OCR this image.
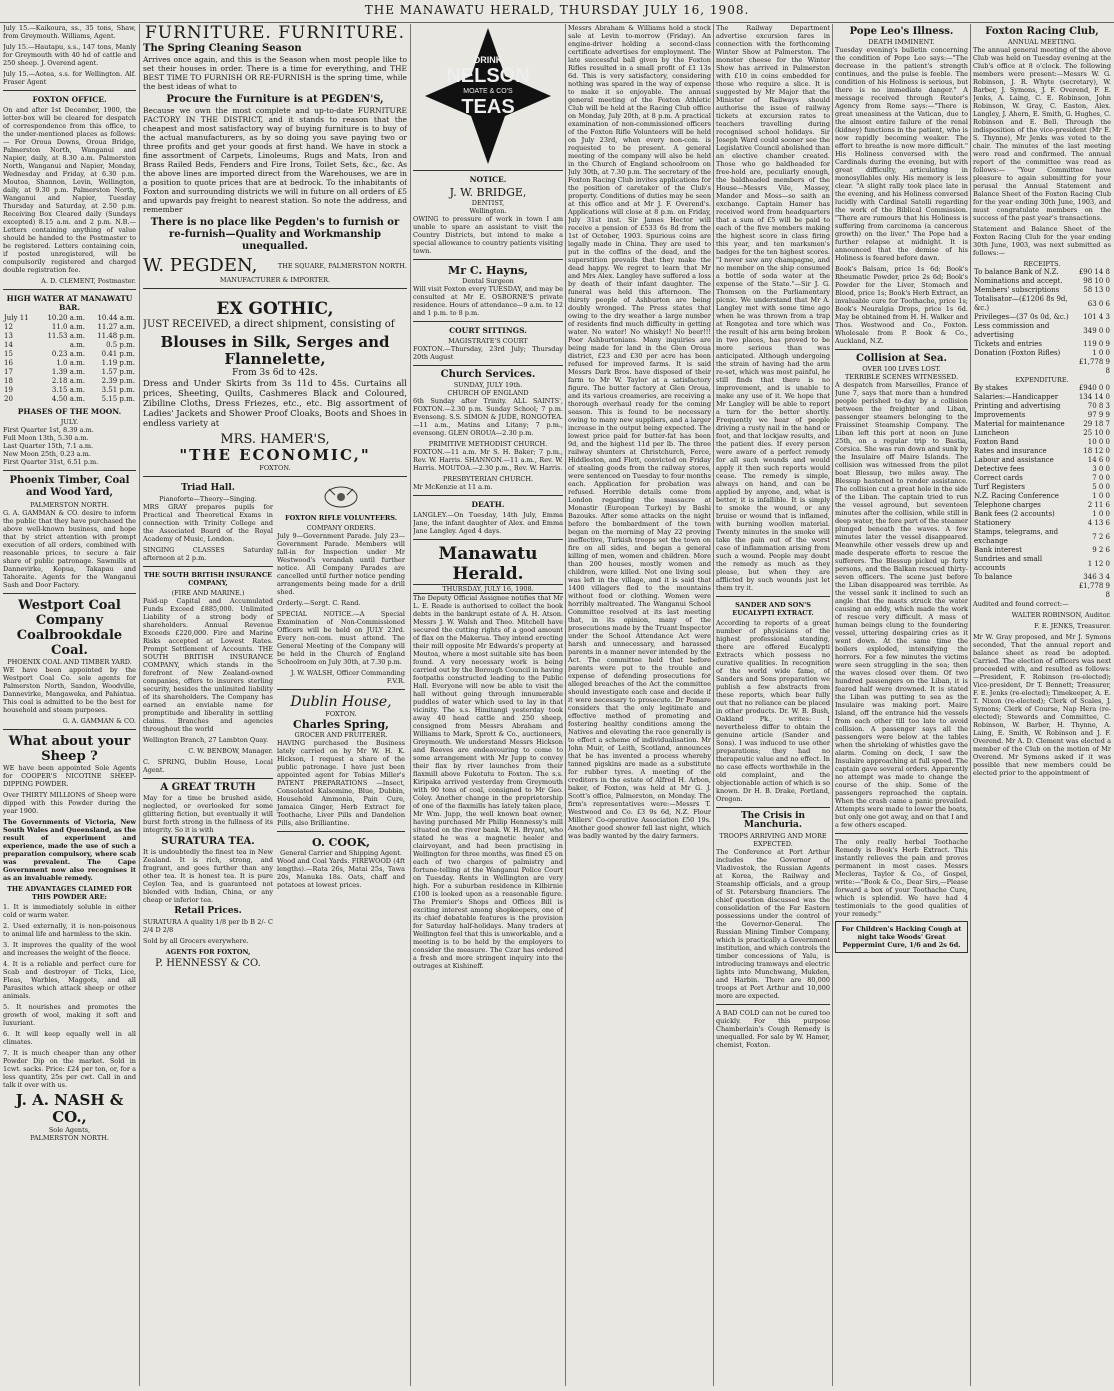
THE MANAWATU HERALD, THURSDAY JULY 16, 1908.

July 15.—Kaikoura, ss., 35 tons, Shaw, from Greymouth. Williams, Agent.

July 15.—Hautapu, s.s., 147 tons, Manly for Greymouth with 40 hd of cattle and 250 sheep. J. Overend agent.

July 15.—Aotea, s.s. for Wellington. Alf. Fraser Agent

FOXTON OFFICE.

On and after 1st December, 1900, the letter-box will be cleared for despatch of correspondence from this office, to the under-mentioned places as follows:— For Oroua Downs, Oroua Bridge, Palmerston North, Wanganui and Napier, daily, at 8.30 a.m. Palmerston North, Wanganui and Napier, Monday, Wednesday and Friday, at 6.30 p.m. Moutoa, Shannon, Levin, Wellington, daily, at 9.30 p.m. Palmerston North, Wanganui and Napier, Tuesday Thursday and Saturday, at 2.50 p.m. Receiving Box Cleared daily (Sundays excepted) 8.15 a.m. and 2 p.m. N.B.—Letters containing anything of value should be handed to the Postmaster to be registered. Letters containing coin, if posted unregistered, will be compulsorily registered and charged double registration fee.

A. D. CLEMENT, Postmaster.

HIGH WATER AT MANAWATU BAR.
July 11	10.20 a.m.	10.44 a.m.
12	11.0 a.m.	11.27 a.m.
13	11.53 a.m.	11.48 p.m.
14	a.m.	0.5 p.m.
15	0.23 a.m.	0.41 p.m.
16	1.0 a.m.	1.19 p.m.
17	1.39 a.m.	1.57 p.m.
18	2.18 a.m.	2.39 p.m.
19	3.15 a.m.	3.51 p.m.
20	4.50 a.m.	5.15 p.m.
PHASES OF THE MOON.
JULY.
First Quarter 1st, 8.39 a.m.
Full Moon 13th, 5.30 a.m.
Last Quarter 15th, 7.1 a.m.
New Moon 25th, 0.23 a.m.
First Quarter 31st, 6.51 p.m.
Phoenix Timber, Coal and Wood Yard,
PALMERSTON NORTH.

G. A. GAMMAN & CO. desire to inform the public that they have purchased the above well-known business, and hope that by strict attention with prompt execution of all orders, combined with reasonable prices, to secure a fair share of public patronage. Sawmills at Dannevirke, Kopua, Takapau and Tahoraite. Agents for the Wanganui Sash and Door Factory.

Westport Coal Company
Coalbrookdale Coal.
PHOENIX COAL AND TIMBER YARD.

WE have been appointed by the Westport Coal Co. sole agents for Palmerston North, Sandon, Woodville, Dannevirke, Mangaweka, and Pahiatua. This coal is admitted to be the best for household and steam purposes.

G. A. GAMMAN & CO.

What about your Sheep ?

WE have been appointed Sole Agents for COOPER'S NICOTINE SHEEP-DIPPING POWDER.

Over THIRTY MILLIONS of Sheep were dipped with this Powder during the year 1900.

The Governments of Victoria, New South Wales and Queensland, as the result of experiment and experience, made the use of such a preparation compulsory, where scab was prevalent. The Cape Government now also recognises it as an invaluable remedy.

THE ADVANTAGES CLAIMED FOR THIS POWDER ARE:

1. It is immediately soluble in either cold or warm water.

2. Used externally, it is non-poisonous to animal life and harmless to the skin.

3. It improves the quality of the wool and increases the weight of the fleece.

4. It is a reliable and perfect cure for Scab and destroyer of Ticks, Lice, Fleas, Warbles, Maggots, and all Parasites which attack sheep or other animals.

5. It nourishes and promotes the growth of wool, making it soft and luxuriant.

6. It will keep equally well in all climates.

7. It is much cheaper than any other Powder Dip on the market. Sold in 1cwt. sacks. Price: £24 per ton, or, for a less quantity, 25s per cwt. Call in and talk it over with us.

J. A. NASH & CO.,
Sole Agents,
PALMERSTON NORTH.
FURNITURE. FURNITURE.
The Spring Cleaning Season

Arrives once again, and this is the Season when most people like to set their houses in order. There is a time for everything, and THE BEST TIME TO FURNISH OR RE-FURNISH is the spring time, while the best ideas of what to

Procure the Furniture is at PEGDEN'S,

Because we own the most complete and up-to-date FURNITURE FACTORY IN THE DISTRICT, and it stands to reason that the cheapest and most satisfactory way of buying furniture is to buy of the actual manufacturers, as by so doing you save paying two or three profits and get your goods at first hand. We have in stock a fine assortment of Carpets, Linoleums, Rugs and Mats, Iron and Brass Railed Beds, Fenders and Fire Irons, Toilet Sets, &c., &c. As the above lines are imported direct from the Warehouses, we are in a position to quote prices that are at bedrock. To the inhabitants of Foxton and surrounding districts we will in future on all orders of £5 and upwards pay freight to nearest station. So note the address, and remember

There is no place like Pegden's to furnish or re-furnish—Quality and Workmanship unequalled.
W. PEGDEN,	THE SQUARE, PALMERSTON NORTH.
MANUFACTURER & IMPORTER.
EX GOTHIC,

JUST RECEIVED, a direct shipment, consisting of

Blouses in Silk, Serges and Flannelette,
From 3s 6d to 42s.

Dress and Under Skirts from 3s 11d to 45s. Curtains all prices, Sheeting, Quilts, Cashmeres Black and Coloured, Zibiline Cloths, Dress Friezes, etc., etc. Big assortment of Ladies' Jackets and Shower Proof Cloaks, Boots and Shoes in endless variety at

MRS. HAMER'S,
"THE ECONOMIC,"
FOXTON.
Triad Hall.
Pianoforte—Theory—Singing.

MRS GRAY prepares pupils for Practical and Theoretical Exams in connection with Trinity College and the Associated Board of the Royal Academy of Music, London.

SINGING CLASSES Saturday afternoon at 2 p.m.

THE SOUTH BRITISH INSURANCE COMPANY,
(FIRE AND MARINE.)

Paid-up Capital and Accumulated Funds Exceed £885,000. Unlimited Liability of a strong body of shareholders. Annual Revenue Exceeds £220,000. Fire and Marine Risks accepted at Lowest Rates. Prompt Settlement of Accounts. THE SOUTH BRITISH INSURANCE COMPANY, which stands in the forefront of New Zealand-owned companies, offers to insurers sterling security, besides the unlimited liability of its shareholders. The Company has earned an enviable name for promptitude and liberality in settling claims. Branches and agencies throughout the world

Wellington Branch, 27 Lambton Quay.

C. W. BENBOW, Manager.

C. SPRING, Dublin House, Local Agent.

A GREAT TRUTH

May for a time be brushed aside, neglected, or overlooked for some glittering fiction, but eventually it will burst forth strong in the fullness of its integrity. So it is with

SURATURA TEA.

It is undoubtedly the finest tea in New Zealand. It is rich, strong, and fragrant, and goes further than any other tea. It is honest tea. It is pure Ceylon Tea, and is guaranteed not blended with Indian, China, or any cheap or inferior tea.

Retail Prices.

SURATURA A quality 1/8 per lb B 2/- C 2/4 D 2/8

Sold by all Grocers everywhere.

AGENTS FOR FOXTON,
P. HENNESSY & CO.
FOXTON RIFLE VOLUNTEERS.
COMPANY ORDERS.

July 9—Government Parade. July 23—Government Parade. Members will fall-in for Inspection under Mr Westwood's verandah until further notice. All Company Parades are cancelled until further notice pending arrangements being made for a drill shed.

Orderly.—Sergt. C. Rand.

SPECIAL NOTICE.—A Special Examination of Non-Commissioned Officers will be held on JULY 23rd. Every non-com. must attend. The General Meeting of the Company will be held in the Church of England Schoolroom on July 30th, at 7.30 p.m.

J. W. WALSH, Officer Commanding F.V.R.

Dublin House,
FOXTON.
Charles Spring,
GROCER AND FRUITERER.

HAVING purchased the Business lately carried on by Mr W. H. K. Hickson, I request a share of the public patronage. I have just been appointed agent for Tobias Miller's PATENT PREPARATIONS —Insect, Consolated Kalsomine, Blue, Dubbin, Household Ammonia, Pain Cure, Jamaica Ginger, Herb Extract for Toothache, Liver Pills and Dandelion Pills, also Brilliantine.

O. COOK,
General Carrier and Shipping Agent.

Wood and Coal Yards. FIREWOOD (4ft lengths).—Rata 26s, Matai 25s, Tawa 20s, Manuka 18s. Oats, chaff and potatoes at lowest prices.

DRINK
NELSON
MOATE & CO'S
TEAS
NOTICE.
J. W. BRIDGE,
DENTIST,
Wellington.

OWING to pressure of work in town I am unable to spare an assistant to visit the Country Districts, but intend to make a special allowance to country patients visiting town.

Mr C. Hayns,
Dental Surgeon

Will visit Foxton every TUESDAY, and may be consulted at Mr E. OSBORNE'S private residence. Hours of attendance—9 a.m. to 12 and 1 p.m. to 8 p.m.

COURT SITTINGS.
MAGISTRATE'S COURT

FOXTON.—Thursday, 23rd July; Thursday 20th August

Church Services.
SUNDAY, JULY 19th.
CHURCH OF ENGLAND

6th Sunday after Trinity. ALL SAINTS', FOXTON.—2.30 p.m. Sunday School; 7 p.m. Evensong. S.S. SIMON & JUDE, RONGOTEA.—11 a.m., Matins and Litany; 7 p.m., evensong. GLEN OROUA—2.30 p.m.

PRIMITIVE METHODIST CHURCH.

FOXTON.—11 a.m. Mr S. H. Baker; 7 p.m., Rev. W. Harris. SHANNON.—11 a.m., Rev. W. Harris. MOUTOA.—2.30 p.m., Rev. W. Harris.

PRESBYTERIAN CHURCH.

Mr McKenzie at 11 a.m.

DEATH.

LANGLEY.—On Tuesday, 14th July, Emma Jane, the infant daughter of Alex. and Emma Jane Langley. Aged 4 days.

Manawatu Herald.
THURSDAY, JULY 16, 1908.

The Deputy Official Assignee notifies that Mr L. E. Reade is authorised to collect the book debts in the bankrupt estate of A. H. Atson. Messrs J. W. Walsh and Theo. Mitchell have secured the cutting rights of a good amount of flax on the Makerua. They intend erecting their mill opposite Mr Edwards's property at Moutoa, where a most suitable site has been found. A very necessary work is being carried out by the Borough Council in having footpaths constructed leading to the Public Hall. Everyone will now be able to visit the hall without going through innumerable puddles of water which used to lay in that vicinity. The s.s. Himitangi yesterday took away 40 head cattle and 250 sheep, consigned from Messrs Abraham and Williams to Mark, Sprott & Co., auctioneers, Greymouth. We understand Messrs Hickson and Reeves are endeavouring to come to some arrangement with Mr Jupp to convey their flax by river launches from their flaxmill above Fukotutu to Foxton. The s.s. Kiripaka arrived yesterday from Greymouth with 90 tons of coal, consigned to Mr Geo. Coley. Another change in the proprietorship of one of the flaxmills has lately taken place, Mr Wm. Jupp, the well known boat owner, having purchased Mr Philip Hennessy's mill situated on the river bank. W. H. Bryant, who stated he was a magnetic healer and clairvoyant, and had been practising in Wellington for three months, was fined £5 on each of two charges of palmistry and fortune-telling at the Wanganui Police Court on Tuesday. Rents in Wellington are very high. For a suburban residence in Kilbirnie £100 is looked upon as a reasonable figure. The Premier's Shops and Offices Bill is exciting interest among shopkeepers, one of its chief debatable features is the provision for Saturday half-holidays. Many traders at Wellington feel that this is unworkable, and a meeting is to be held by the employers to consider the measure. The Czar has ordered a fresh and more stringent inquiry into the outrages at Kishineff.

Messrs Abraham & Williams hold a stock sale at Levin to-morrow (Friday). An engine-driver holding a second-class certificate advertises for employment. The late successful ball given by the Foxton Rifles resulted in a small profit of £1 13s 6d. This is very satisfactory, considering nothing was spared in the way of expense to make it so enjoyable. The annual general meeting of the Foxton Athletic Club will be held at the Racing Club office on Monday, July 20th, at 8 p.m. A practical examination of non-commissioned officers of the Foxton Rifle Volunteers will be held on July 23rd, when every non-com. is requested to be present. A general meeting of the company will also be held in the Church of England schoolroom on July 30th, at 7.30 p.m. The secretary of the Foxton Racing Club invites applications for the position of caretaker of the Club's property. Conditions of duties may be seen at this office and at Mr J. F. Overend's. Applications will close at 8 p.m. on Friday, July 31st inst. Sir James Hector will receive a pension of £533 6s 8d from the 1st of October, 1903. Spurious coins are legally made in China. They are used to put in the coffins of the dead, and the superstition prevails that they make the dead happy. We regret to learn that Mr and Mrs Alex. Langley have suffered a loss by death of their infant daughter. The funeral was held this afternoon. The thirsty people of Ashburton are being doubly wronged. The Press states that owing to the dry weather a large number of residents find much difficulty in getting water. No water! No whisky!! No beer!!! Poor Ashburtonians. Many inquiries are being made for land in the Glen Oroua district, £23 and £30 per acre has been refused for improved farms. It is said Messrs Dark Bros. have disposed of their farm to Mr W. Taylor at a satisfactory figure. The butter factory at Glen Oroua, and its various creameries, are receiving a thorough overhaul ready for the coming season. This is found to be necessary owing to many new suppliers, and a larger increase in the output being expected. The lowest price paid for butter-fat has been 9d, and the highest 11d per lb. The three railway shunters at Christchurch, Ferce, Hiddleston, and Flett, convicted on Friday of stealing goods from the railway stores, were sentenced on Tuesday to four months each. Application for probation was refused. Horrible details come from London regarding the massacre at Monastir (European Turkey) by Bashi Bazouks. After some attacks on the night before the bombardment of the town began on the morning of May 22 proving ineffective, Turkish troops set the town on fire on all sides, and began a general killing of men, women and children. More than 200 houses, mostly women and children, were killed. Not one living soul was left in the village, and it is said that 1400 villagers fled to the mountains without food or clothing. Women were horribly maltreated. The Wanganui School Committee resolved at its last meeting that, in its opinion, many of the prosecutions made by the Truant Inspector under the School Attendance Act were harsh and unnecessary, and harassed parents in a manner never intended by the Act. The committee held that before parents were put to the trouble and expense of defending prosecutions for alleged breaches of the Act the committee should investigate each case and decide if it were necessary to prosecute. Dr Pomare considers that the only legitimate and effective method of promoting and fostering healthy conditions among the Natives and elevating the race generally is to effect a scheme of individualisation. Mr John Muir, of Leith, Scotland, announces that he has invented a process whereby tanned pigskins are made as a substitute for rubber tyres. A meeting of the creditors in the estate of Alfred H. Arbon, baker, of Foxton, was held at Mr G. J. Scott's office, Palmerston, on Monday. The firm's representatives were:—Messrs T. Westwood and Co. £3 9s 6d, N.Z. Flour Millers' Co-operative Association £50 19s. Another good shower fell last night, which was badly wanted by the dairy farmers.

The Railway Department advertise excursion fares in connection with the forthcoming Winter Show at Palmerston. The monster cheese for the Winter Show has arrived in Palmerston with £10 in coins embedded for those who require a slice. It is suggested by Mr Major that the Minister of Railways should authorise the issue of railway tickets at excursion rates to teachers travelling during recognised school holidays. Sir Joseph Ward could sooner see the Legislative Council abolished than an elective chamber created. Those who go baldheaded for free-hold are, peculiarly enough, the baldheaded members of the House—Messrs Vile, Massey, Mander and Moss—so saith an exchange. Captain Hamer has received word from headquarters that a sum of £5 will be paid to each of the five members making the highest score in class firing this year, and ten marksmen's badges for the ten highest scores. "I never saw any champagne, and no member on the ship consumed a bottle of soda water at the expense of the State."—Sir J. G. Thomson on the Parliamentary picnic. We understand that Mr A. Langley met with some time ago when he was thrown from a trap at Rongotea and tore which was the result of his arm being broken in two places, has proved to be more serious than was anticipated. Although undergoing the strain of having had the arm re-set, which was most painful, he still finds that there is no improvement, and is unable to make any use of it. We hope that Mr Langley will be able to report a turn for the better shortly. Frequently we hear of people driving a rusty nail in the hand or foot, and that lockjaw results, and the patient dies. If every person were aware of a perfect remedy for all such wounds and would apply it then such reports would cease. The remedy is simple, always on hand, and can be applied by anyone, and, what is better, it is infallible. It is simply to smoke the wound, or any bruise or wound that is inflamed, with burning woollen material. Twenty minutes in the smoke will take the pain out of the worst case of inflammation arising from such a wound. People may doubt the remedy as much as they please, but when they are afflicted by such wounds just let them try it.

SANDER AND SON'S EUCALYPTI EXTRACT.

According to reports of a great number of physicians of the highest professional standing, there are offered Eucalypti Extracts which possess no curative qualities. In recognition of the world wide fame, of Sanders and Sons preparation we publish a few abstracts from these reports, which bear fully out that no reliance can be placed in other products. Dr. W. B. Bush, Oakland Pk., writes: I nevertheless differ to obtain the genuine article (Sander and Sons). I was induced to use other preparations; they had no therapeutic value and no effect. In no case effects worthwhile in the old complaint, and the objectionable action of which is so known. Dr H. B. Drake, Portland, Oregon.

The Crisis in Manchuria.
TROOPS ARRIVING AND MORE EXPECTED.

The Conference at Port Arthur includes the Governor of Vladivostok, the Russian Agents at Korea, the Railway and Steamship officials, and a group of St. Petersburg financiers. The chief question discussed was the consolidation of the Far Eastern possessions under the control of the Governor-General. The Russian Mining Timber Company, which is practically a Government institution, and which controls the timber concessions of Yalu, is introducing tramways and electric lights into Munchwang, Mukden, and Harbin. There are 80,000 troops at Port Arthur and 10,000 more are expected.

A BAD COLD can not be cured too quickly. For this purpose Chamberlain's Cough Remedy is unequalled. For sale by W. Hamer, chemist, Foxton.

Pope Leo's Illness.
DEATH IMMINENT.

Tuesday evening's bulletin concerning the condition of Pope Leo says:—"The decrease in the patient's strength continues, and the pulse is feeble. The condition of his Holiness is serious, but there is no immediate danger." A message received through Reuter's Agency from Rome says:—"There is great uneasiness at the Vatican, due to the almost entire failure of the renal (kidney) functions in the patient, who is now rapidly becoming weaker. The effort to breathe is now more difficult." His Holiness conversed with the Cardinals during the evening, but with great difficulty, articulating in monosyllables only. His memory is less clear. "A slight rally took place late in the evening, and his Holiness conversed lucidly with Cardinal Satolli regarding the work of the Biblical Commission. "There are rumours that his Holiness is suffering from carcinoma (a cancerous growth) on the liver." The Pope had a further relapse at midnight. It is announced that the demise of his Holiness is feared before dawn.

Book's Balsam, price 1s 6d; Book's Rheumatic Powder, price 2s 6d; Book's Powder for the Liver, Stomach and Blood, price 1s; Book's Herb Extract, an invaluable cure for Toothache, price 1s; Book's Neuralgia Drops, price 1s 6d. May be obtained from H. H. Walker and Thos. Westwood and Co., Foxton. Wholesale from P. Book & Co., Auckland, N.Z.

Collision at Sea.
OVER 100 LIVES LOST.
TERRIBLE SCENES WITNESSED.

A despatch from Marseilles, France of June 7, says that more than a hundred people perished to-day by a collision between the freighter and Liban, passenger steamers belonging to the Fraissinet Steamship Company. The Liban left this port at noon on June 25th, on a regular trip to Bastia, Corsica. She was run down and sunk by the Insulaire off Maire Islands. The collision was witnessed from the pilot boat Blessup, two miles away. The Blessup hastened to render assistance. The collision cut a great hole in the side of the Liban. The captain tried to run the vessel aground, but seventeen minutes after the collision, while still in deep water, the fore part of the steamer plunged beneath the waves. A few minutes later the vessel disappeared. Meanwhile other vessels drew up and made desperate efforts to rescue the sufferers. The Blessup picked up forty persons, and the Balkan rescued thirty-seven officers. The scene just before the Liban disappeared was terrible. As the vessel sank it inclined to such an angle that the masts struck the water causing an eddy, which made the work of rescue very difficult. A mass of human beings clung to the foundering vessel, uttering despairing cries as it went down. At the same time the boilers exploded, intensifying the horrors. For a few minutes the victims were seen struggling in the sea; then the waves closed over them. Of two hundred passengers on the Liban, it is feared half were drowned. It is stated the Liban was putting to sea as the Insulaire was making port. Maire Island, off the entrance hid the vessels from each other till too late to avoid collision. A passenger says all the passengers were below at the tables when the shrieking of whistles gave the alarm. Coming on deck, I saw the Insulaire approaching at full speed. The captain gave several orders. Apparently no attempt was made to change the course of the ship. Some of the passengers reproached the captain. When the crash came a panic prevailed. Attempts were made to lower the boats, but only one got away, and on that I and a few others escaped.

The only really herbal Toothache Remedy is Book's Herb Extract. This instantly relieves the pain and proves permanent in most cases. Messrs Mecleras, Taylor & Co., of Gospel, write:—"Book & Co., Dear Sirs,—Please forward a box of your Toothache Cure, which is splendid. We have had 4 testimonials to the good qualities of your remedy."

For Children's Hacking Cough at night take Woods' Great Peppermint Cure, 1/6 and 2s 6d.
Foxton Racing Club,
ANNUAL MEETING.

The annual general meeting of the above Club was held on Tuesday evening at the Club's office at 8 o'clock. The following members were present:—Messrs W. G. Robinson, J. R. Whyte (secretary), W. Barber, J. Symons, J. F. Overend, F. E. Jenks, A. Laing, C. E. Robinson, John Robinson, W. Gray, C. Easton, Alex. Langley, J. Ahern, E. Smith, G. Hughes, C. Robinson and E. Bell. Through the indisposition of the vice-president (Mr E. S. Thynne), Mr Jenks was voted to the chair. The minutes of the last meeting were read and confirmed. The annual report of the committee was read as follows:— "Your Committee have pleasure to again submitting for your perusal the Annual Statement and Balance Sheet of the Foxton Racing Club for the year ending 30th June, 1903, and must congratulate members on the success of the past year's transactions.

Statement and Balance Sheet of the Foxton Racing Club for the year ending 30th June, 1903, was next submitted as follows:—

RECEIPTS.
To balance Bank of N.Z.	£90 14 8
Nominations and accept.	98 10 0
Members' subscriptions	58 13 0
Totalisator—(£1206 8s 9d, &c.)	63 0 6
Privileges—(37 0s 0d, &c.)	101 4 3
Less commission and advertising	349 0 0
Tickets and entries	119 0 9
Donation (Foxton Rifles)	1 0 0
	£1,778 9 8
EXPENDITURE.
By stakes	£940 0 0
Salaries:—Handicapper	134 14 0
Printing and advertising	70 8 3
Improvements	97 9 9
Material for maintenance	29 18 7
Luncheon	25 10 0
Foxton Band	10 0 0
Rates and insurance	18 12 0
Labour and assistance	14 6 0
Detective fees	3 0 0
Correct cards	7 0 0
Turf Registers	5 0 0
N.Z. Racing Conference	1 0 0
Telephone charges	2 11 6
Bank fees (2 accounts)	1 0 0
Stationery	4 13 6
Stamps, telegrams, and exchange	7 2 6
Bank interest	9 2 6
Sundries and small accounts	1 12 0
To balance	346 3 4
	£1,778 9 8

Audited and found correct:—

WALTER ROBINSON, Auditor.

F. E. JENKS, Treasurer.

Mr W. Gray proposed, and Mr J. Symons seconded, That the annual report and balance sheet as read be adopted. Carried. The election of officers was next proceeded with, and resulted as follows:—President, F. Robinson (re-elected); Vice-president, Dr T. Bennett; Treasurer, F. E. Jenks (re-elected); Timekeeper, A. E. T. Nixon (re-elected); Clerk of Scales, J. Symons; Clerk of Course, Nap Hera (re-elected); Stewards and Committee, C. Robinson, W. Barber, H. Thynne, A. Laing, E. Smith, W. Robinson and J. F. Overend. Mr A. D. Clement was elected a member of the Club on the motion of Mr Overend. Mr Symons asked if it was possible that new members could be elected prior to the appointment of
